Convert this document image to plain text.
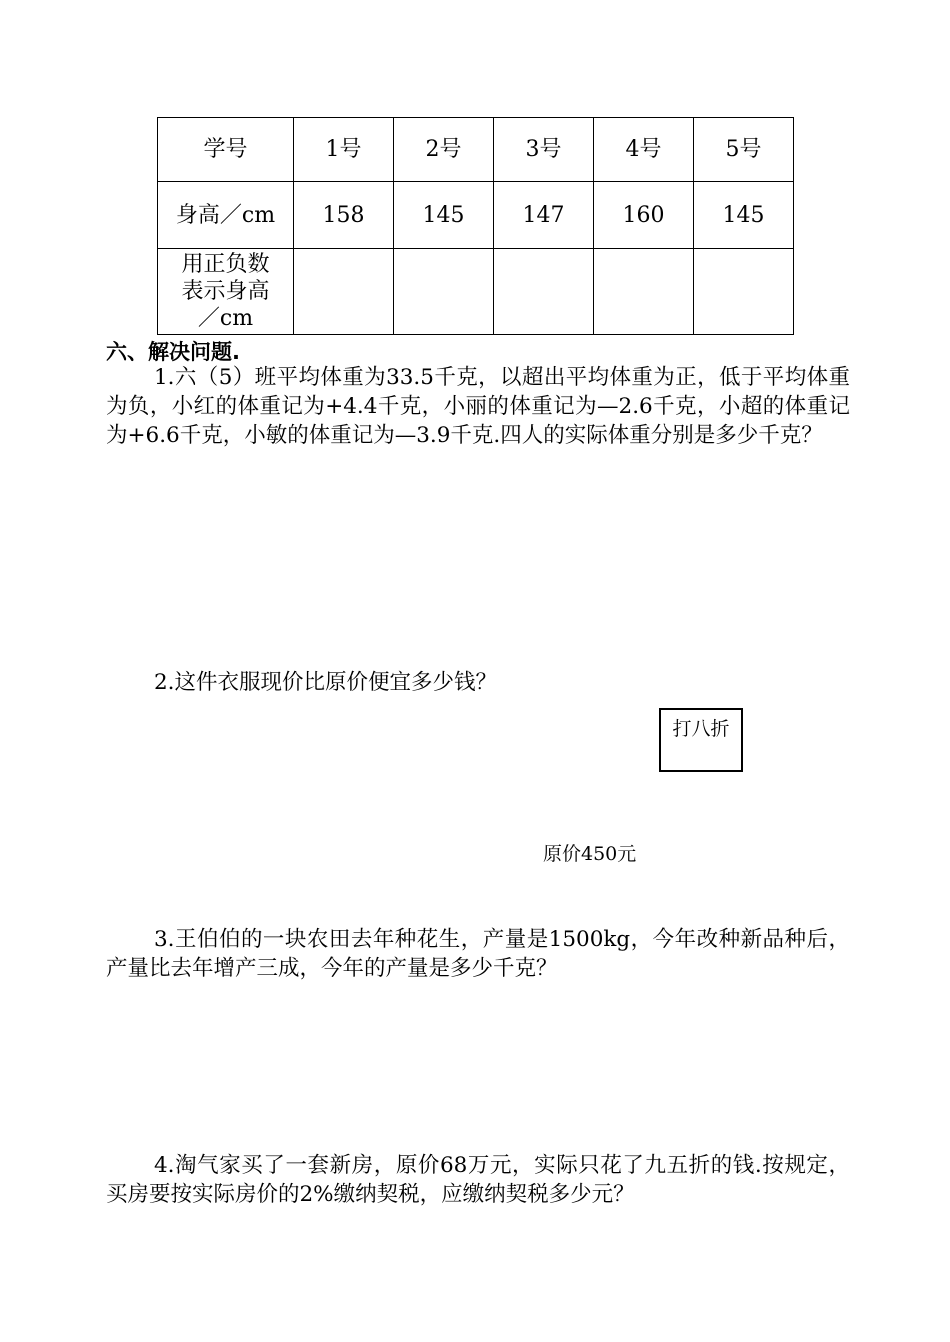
学号	1号	2号	3号	4号	5号
身高／cm	158	145	147	160	145

用正负数
表示身高
／cm					

六、解决问题.

1.六（5）班平均体重为33.5千克，以超出平均体重为正，低于平均体重为负，小红的体重记为+4.4千克，小丽的体重记为—2.6千克，小超的体重记为+6.6千克，小敏的体重记为—3.9千克.四人的实际体重分别是多少千克？

2.这件衣服现价比原价便宜多少钱？

打八折
原价450元

3.王伯伯的一块农田去年种花生，产量是1500kg，今年改种新品种后，产量比去年增产三成，今年的产量是多少千克？

4.淘气家买了一套新房，原价68万元，实际只花了九五折的钱.按规定，买房要按实际房价的2%缴纳契税，应缴纳契税多少元？
